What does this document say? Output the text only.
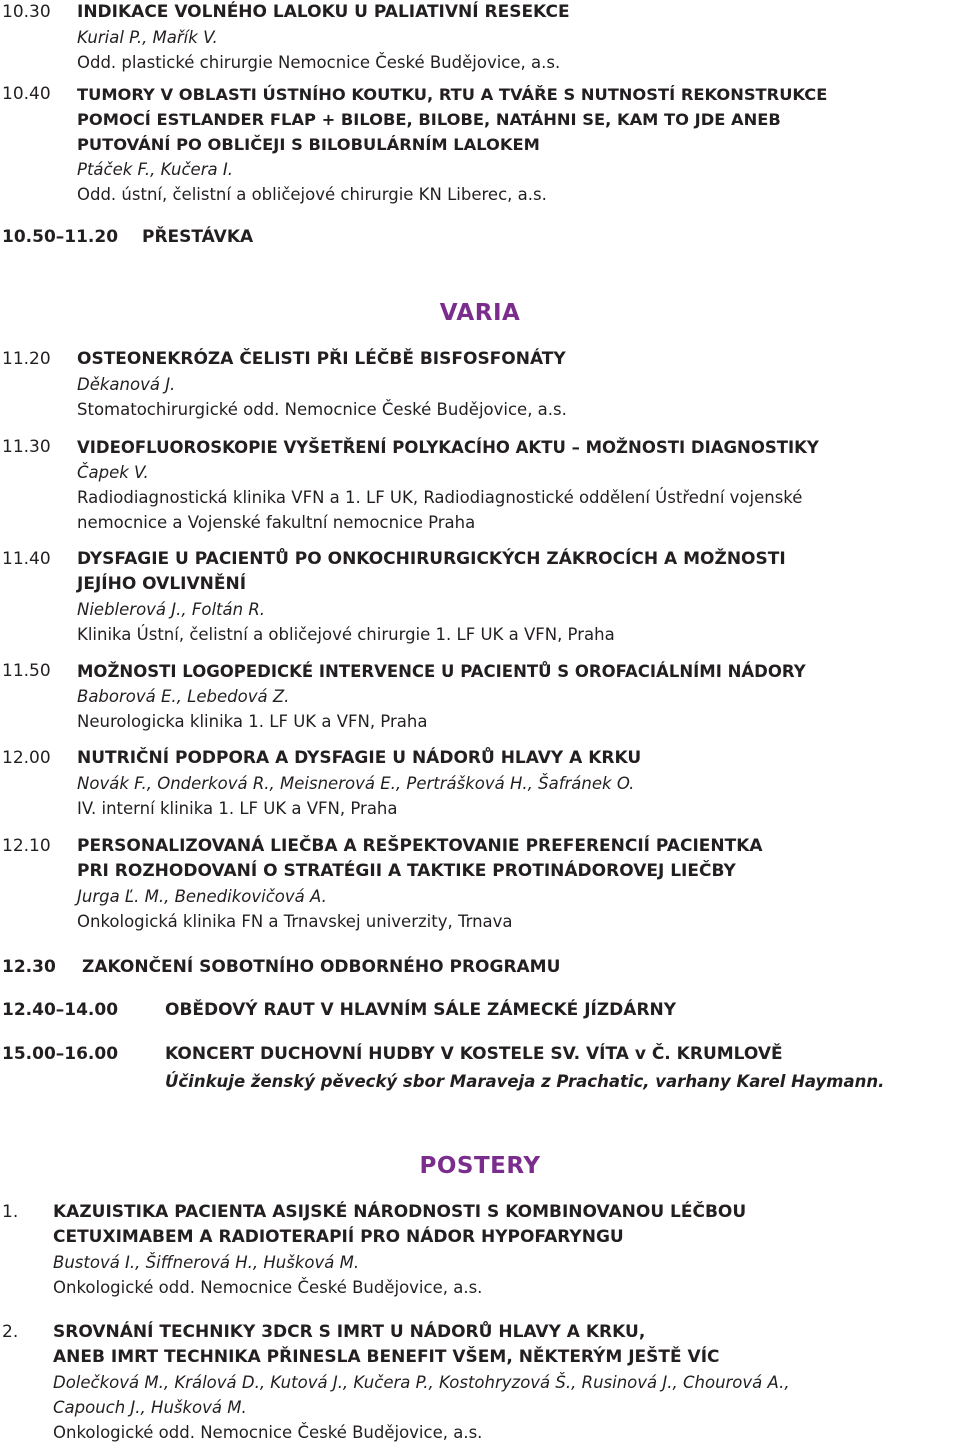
10.30 INDIKACE VOLNÉHO LALOKU U PALIATIVNÍ RESEKCE
Kurial P., Mařík V.
Odd. plastické chirurgie Nemocnice České Budějovice, a.s.
10.40 TUMORY V OBLASTI ÚSTNÍHO KOUTKU, RTU A TVÁŘE S NUTNOSTÍ REKONSTRUKCE
POMOCÍ ESTLANDER FLAP + BILOBE, BILOBE, NATÁHNI SE, KAM TO JDE ANEB
PUTOVÁNÍ PO OBLIČEJI S BILOBULÁRNÍM LALOKEM
Ptáček F., Kučera I.
Odd. ústní, čelistní a obličejové chirurgie KN Liberec, a.s.
10.50–11.20 PŘESTÁVKA
VARIA
11.20 OSTEONEKRÓZA ČELISTI PŘI LÉČBĚ BISFOSFONÁTY
Děkanová J.
Stomatochirurgické odd. Nemocnice České Budějovice, a.s.
11.30 VIDEOFLUOROSKOPIE VYŠETŘENÍ POLYKACÍHO AKTU – MOŽNOSTI DIAGNOSTIKY
Čapek V.
Radiodiagnostická klinika VFN a 1. LF UK, Radiodiagnostické oddělení Ústřední vojenské
nemocnice a Vojenské fakultní nemocnice Praha
11.40 DYSFAGIE U PACIENTŮ PO ONKOCHIRURGICKÝCH ZÁKROCÍCH A MOŽNOSTI
JEJÍHO OVLIVNĚNÍ
Nieblerová J., Foltán R.
Klinika Ústní, čelistní a obličejové chirurgie 1. LF UK a VFN, Praha
11.50 MOŽNOSTI LOGOPEDICKÉ INTERVENCE U PACIENTŮ S OROFACIÁLNÍMI NÁDORY
Baborová E., Lebedová Z.
Neurologicka klinika 1. LF UK a VFN, Praha
12.00 NUTRIČNÍ PODPORA A DYSFAGIE U NÁDORŮ HLAVY A KRKU
Novák F., Onderková R., Meisnerová E., Pertrášková H., Šafránek O.
IV. interní klinika 1. LF UK a VFN, Praha
12.10 PERSONALIZOVANÁ LIEČBA A REŠPEKTOVANIE PREFERENCIÍ PACIENTKA
PRI ROZHODOVANÍ O STRATÉGII A TAKTIKE PROTINÁDOROVEJ LIEČBY
Jurga Ľ. M., Benedikovičová A.
Onkologická klinika FN a Trnavskej univerzity, Trnava
12.30 ZAKONČENÍ SOBOTNÍHO ODBORNÉHO PROGRAMU
12.40–14.00	OBĚDOVÝ RAUT V HLAVNÍM SÁLE ZÁMECKÉ JÍZDÁRNY
15.00–16.00	KONCERT DUCHOVNÍ HUDBY V KOSTELE SV. VÍTA v Č. KRUMLOVĚ
Účinkuje ženský pěvecký sbor Maraveja z Prachatic, varhany Karel Haymann.
POSTERY
1. KAZUISTIKA PACIENTA ASIJSKÉ NÁRODNOSTI S KOMBINOVANOU LÉČBOU
CETUXIMABEM A RADIOTERAPIÍ PRO NÁDOR HYPOFARYNGU
Bustová I., Šiffnerová H., Hušková M.
Onkologické odd. Nemocnice České Budějovice, a.s.
2. SROVNÁNÍ TECHNIKY 3DCR S IMRT U NÁDORŮ HLAVY A KRKU,
ANEB IMRT TECHNIKA PŘINESLA BENEFIT VŠEM, NĚKTERÝM JEŠTĚ VÍC
Dolečková M., Králová D., Kutová J., Kučera P., Kostohryzová Š., Rusinová J., Chourová A.,
Capouch J., Hušková M.
Onkologické odd. Nemocnice České Budějovice, a.s.
